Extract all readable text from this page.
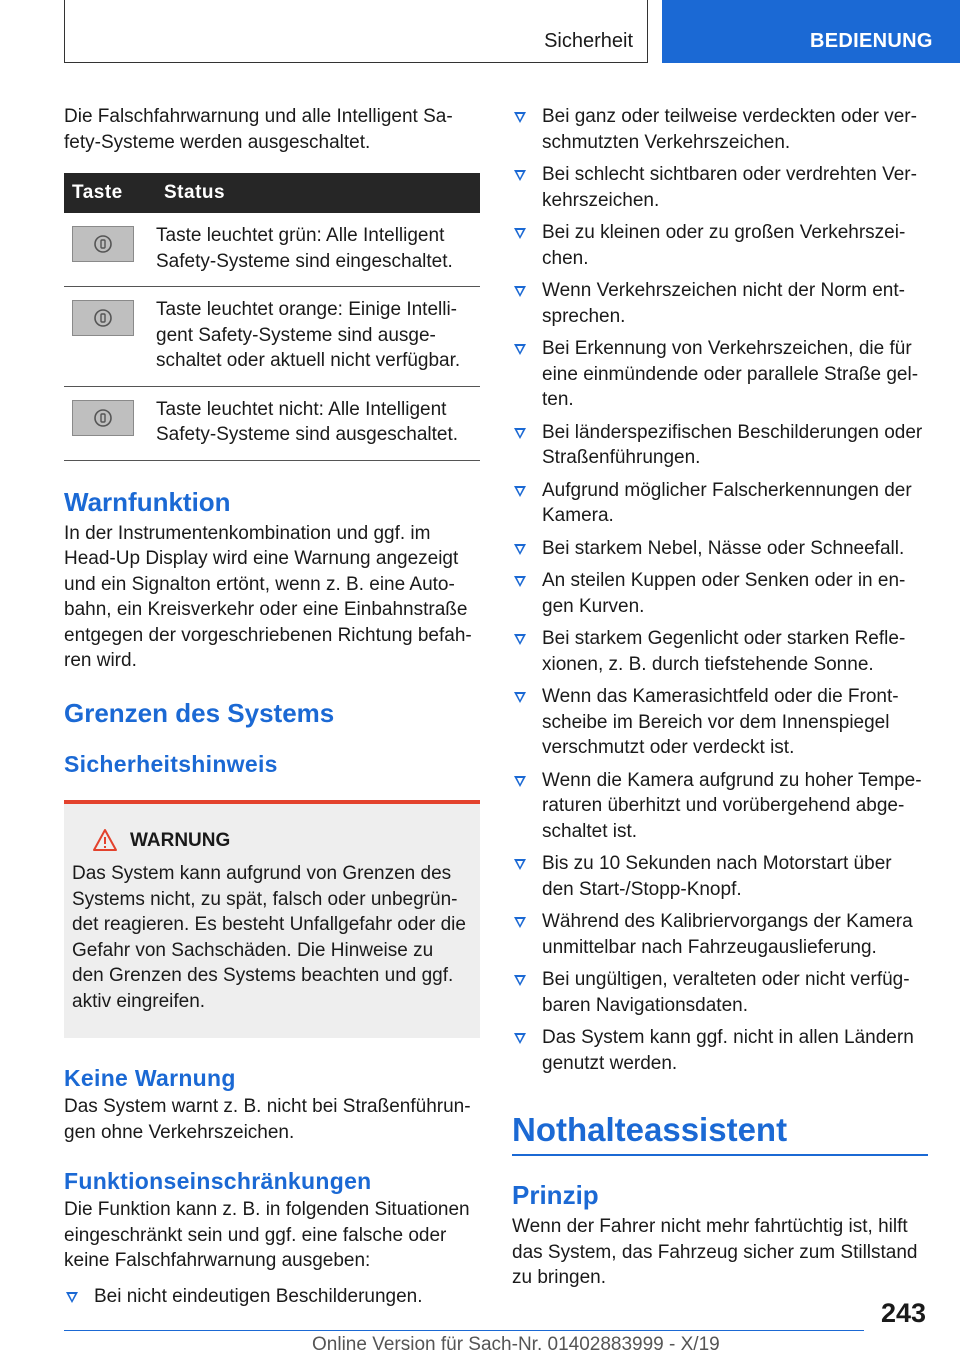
Sicherheit	BEDIENUNG

Die Falschfahrwarnung und alle Intelligent Sa-fety-Systeme werden ausgeschaltet.

Taste	Status

	Taste leuchtet grün: Alle Intelligent Safety-Systeme sind eingeschaltet.

	Taste leuchtet orange: Einige Intelli-gent Safety-Systeme sind ausge-schaltet oder aktuell nicht verfügbar.

	Taste leuchtet nicht: Alle Intelligent Safety-Systeme sind ausgeschaltet.
Warnfunktion

In der Instrumentenkombination und ggf. im Head-Up Display wird eine Warnung angezeigt und ein Signalton ertönt, wenn z. B. eine Auto-bahn, ein Kreisverkehr oder eine Einbahnstraße entgegen der vorgeschriebenen Richtung befah-ren wird.

Grenzen des Systems
Sicherheitshinweis
WARNUNG

Das System kann aufgrund von Grenzen des Systems nicht, zu spät, falsch oder unbegrün-det reagieren. Es besteht Unfallgefahr oder die Gefahr von Sachschäden. Die Hinweise zu den Grenzen des Systems beachten und ggf. aktiv eingreifen.

Keine Warnung

Das System warnt z. B. nicht bei Straßenführun-gen ohne Verkehrszeichen.

Funktionseinschränkungen

Die Funktion kann z. B. in folgenden Situationen eingeschränkt sein und ggf. eine falsche oder keine Falschfahrwarnung ausgeben:

Bei nicht eindeutigen Beschilderungen.
Bei ganz oder teilweise verdeckten oder ver-schmutzten Verkehrszeichen.
Bei schlecht sichtbaren oder verdrehten Ver-kehrszeichen.
Bei zu kleinen oder zu großen Verkehrszei-chen.
Wenn Verkehrszeichen nicht der Norm ent-sprechen.
Bei Erkennung von Verkehrszeichen, die für eine einmündende oder parallele Straße gel-ten.
Bei länderspezifischen Beschilderungen oder Straßenführungen.
Aufgrund möglicher Falscherkennungen der Kamera.
Bei starkem Nebel, Nässe oder Schneefall.
An steilen Kuppen oder Senken oder in en-gen Kurven.
Bei starkem Gegenlicht oder starken Refle-xionen, z. B. durch tiefstehende Sonne.
Wenn das Kamerasichtfeld oder die Front-scheibe im Bereich vor dem Innenspiegel verschmutzt oder verdeckt ist.
Wenn die Kamera aufgrund zu hoher Tempe-raturen überhitzt und vorübergehend abge-schaltet ist.
Bis zu 10 Sekunden nach Motorstart über den Start-/Stopp-Knopf.
Während des Kalibriervorgangs der Kamera unmittelbar nach Fahrzeugauslieferung.
Bei ungültigen, veralteten oder nicht verfüg-baren Navigationsdaten.
Das System kann ggf. nicht in allen Ländern genutzt werden.
Nothalteassistent
Prinzip

Wenn der Fahrer nicht mehr fahrtüchtig ist, hilft das System, das Fahrzeug sicher zum Stillstand zu bringen.

243
Online Version für Sach-Nr. 01402883999 - X/19
